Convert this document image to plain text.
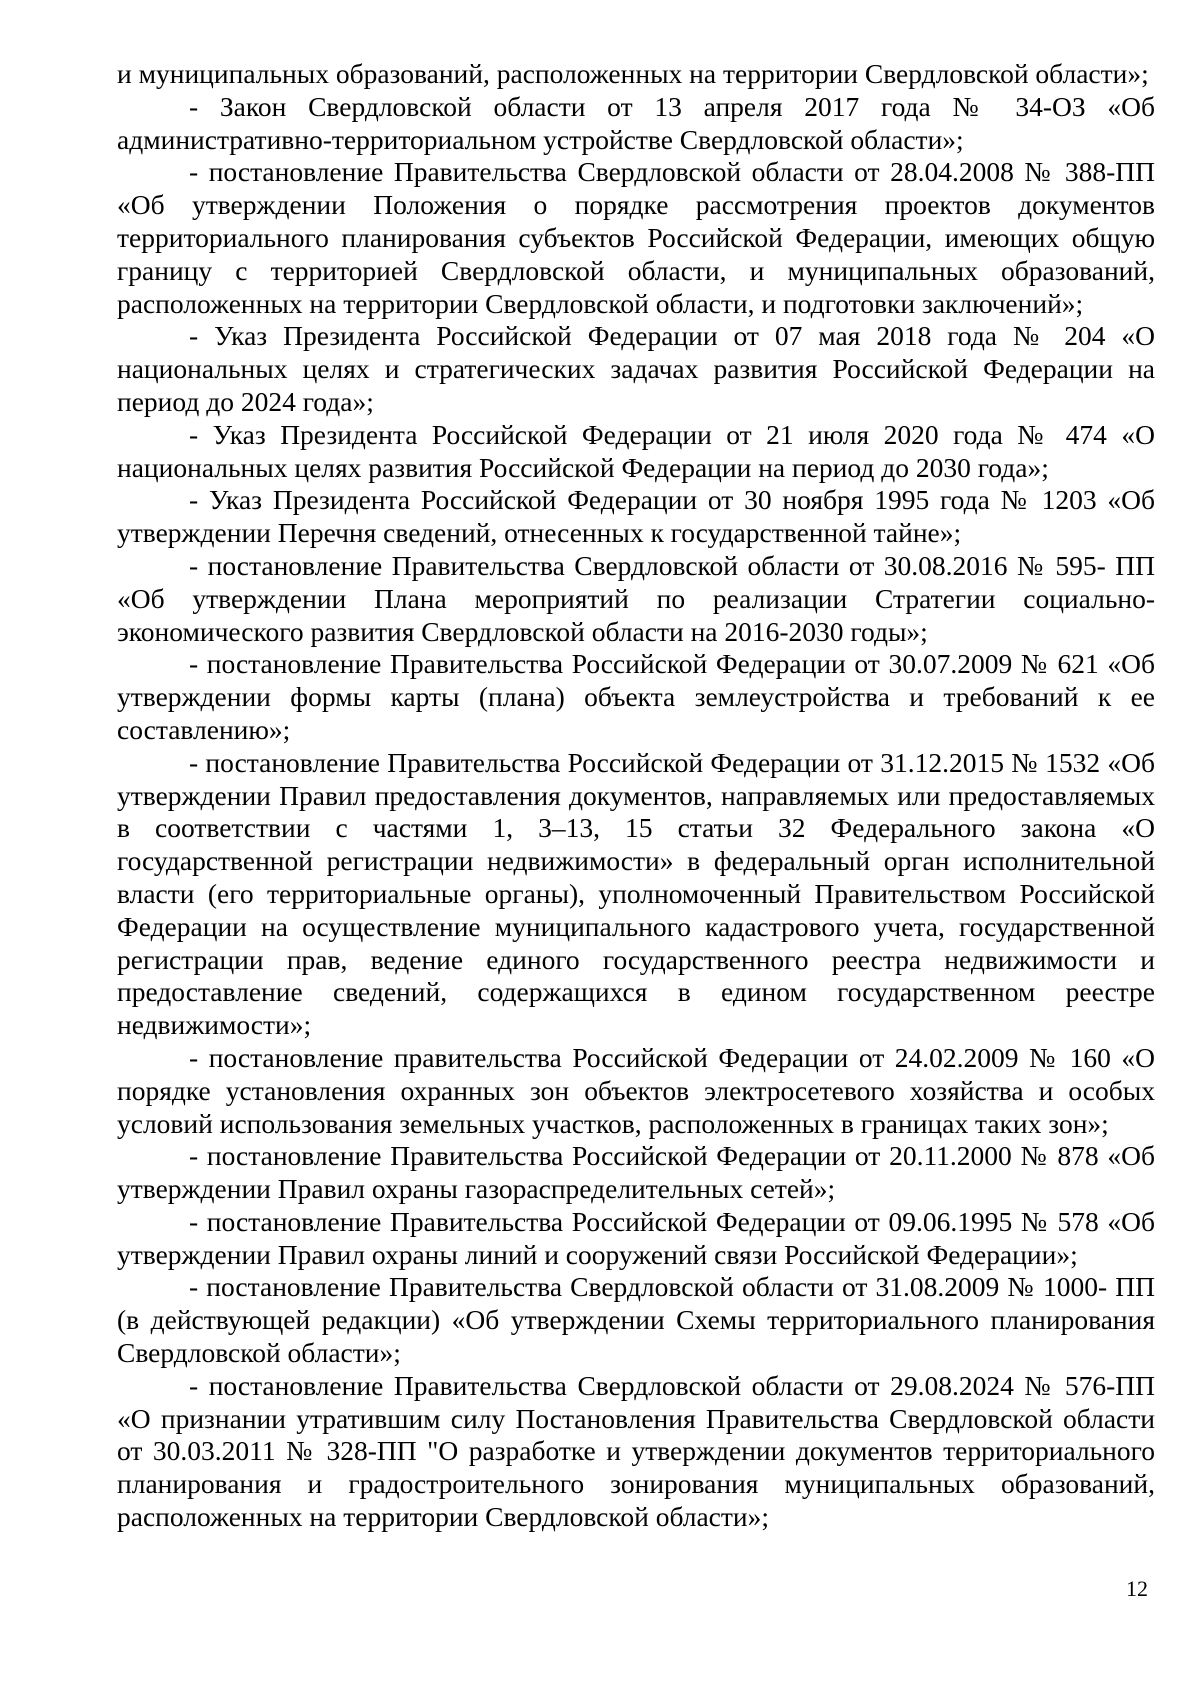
и муниципальных образований, расположенных на территории Свердловской области»;

- Закон Свердловской области от 13 апреля 2017 года № 34-ОЗ «Об административно-территориальном устройстве Свердловской области»;

- постановление Правительства Свердловской области от 28.04.2008 № 388-ПП «Об утверждении Положения о порядке рассмотрения проектов документов территориального планирования субъектов Российской Федерации, имеющих общую границу с территорией Свердловской области, и муниципальных образований, расположенных на территории Свердловской области, и подготовки заключений»;

- Указ Президента Российской Федерации от 07 мая 2018 года № 204 «О национальных целях и стратегических задачах развития Российской Федерации на период до 2024 года»;

- Указ Президента Российской Федерации от 21 июля 2020 года № 474 «О национальных целях развития Российской Федерации на период до 2030 года»;

- Указ Президента Российской Федерации от 30 ноября 1995 года № 1203 «Об утверждении Перечня сведений, отнесенных к государственной тайне»;

- постановление Правительства Свердловской области от 30.08.2016 № 595- ПП «Об утверждении Плана мероприятий по реализации Стратегии социально-экономического развития Свердловской области на 2016-2030 годы»;

- постановление Правительства Российской Федерации от 30.07.2009 № 621 «Об утверждении формы карты (плана) объекта землеустройства и требований к ее составлению»;

- постановление Правительства Российской Федерации от 31.12.2015 № 1532 «Об утверждении Правил предоставления документов, направляемых или предоставляемых в соответствии с частями 1, 3–13, 15 статьи 32 Федерального закона «О государственной регистрации недвижимости» в федеральный орган исполнительной власти (его территориальные органы), уполномоченный Правительством Российской Федерации на осуществление муниципального кадастрового учета, государственной регистрации прав, ведение единого государственного реестра недвижимости и предоставление сведений, содержащихся в едином государственном реестре недвижимости»;

- постановление правительства Российской Федерации от 24.02.2009 № 160 «О порядке установления охранных зон объектов электросетевого хозяйства и особых условий использования земельных участков, расположенных в границах таких зон»;

- постановление Правительства Российской Федерации от 20.11.2000 № 878 «Об утверждении Правил охраны газораспределительных сетей»;

- постановление Правительства Российской Федерации от 09.06.1995 № 578 «Об утверждении Правил охраны линий и сооружений связи Российской Федерации»;

- постановление Правительства Свердловской области от 31.08.2009 № 1000- ПП (в действующей редакции) «Об утверждении Схемы территориального планирования Свердловской области»;

- постановление Правительства Свердловской области от 29.08.2024 № 576-ПП «О признании утратившим силу Постановления Правительства Свердловской области от 30.03.2011 № 328-ПП "О разработке и утверждении документов территориального планирования и градостроительного зонирования муниципальных образований, расположенных на территории Свердловской области»;

12
